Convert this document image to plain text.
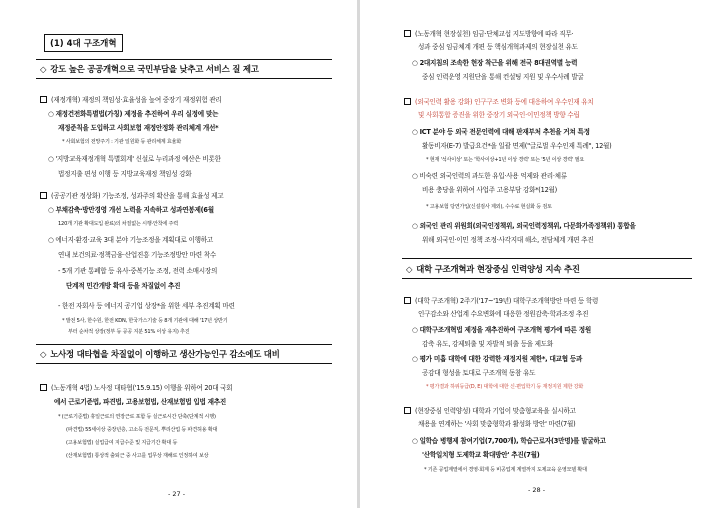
(1) 4대 구조개혁
◇ 강도 높은 공공개혁으로 국민부담을 낮추고 서비스 질 제고
(재정개혁) 재정의 책임성·효율성을 높여 중장기 재정위험 관리
○ 재정건전화특별법(가칭) 제정을 추진하여 우리 실정에 맞는
재정준칙을 도입하고 사회보험 재정안정화 관리체계 개선*
* 사회보험의 전망주기 : 기관 일원화 등 관리체계 효율화
○ '지방교육재정개혁 특별회계' 신설로 누리과정 예산은 비롯한
법정지출 편성 이행 등 지방교육재정 책임성 강화
(공공기관 정상화) 기능조정, 성과주의 확산을 통해 효율성 제고
○ 부채감축·방만경영 개선 노력을 지속하고 성과연봉제(6월
120개 기관 확대도입 완료)의 차질없는 시행·안착에 주력
○ 에너지·환경·교육 3대 분야 기능조정을 계획대로 이행하고
연내 보건의료·정책금융·산업진흥 기능조정방안 마련 착수
- 5개 기관 통폐합 등 유사·중복기능 조정, 전력 소매시장의
단계적 민간개방 확대 등을 차질없이 추진
- 한전 자회사 등 에너지 공기업 상장*을 위한 세부 추진계획 마련
* 발전 5사, 한수원, 한전 KDN, 한국가스기술 등 8개 기관에 대해 '17년 상반기
부터 순차적 상장(정부 등 공공 지분 51% 이상 유지) 추진
◇ 노사정 대타협을 차질없이 이행하고 생산가능인구 감소에도 대비
(노동개혁 4법) 노사정 대타협('15.9.15) 이행을 위하여 20대 국회
에서 근로기준법, 파견법, 고용보험법, 산재보험법 입법 재추진
* (근로기준법) 휴일근로의 연장근로 포함 등 실근로시간 단축(단계적 시행)
(파견법) 55세이상 중장년층, 고소득 전문직, 뿌리산업 등 파견허용 확대
(고용보험법) 실업급여 지급수준 및 지급기간 확대 등
(산재보험법) 통상적 출퇴근 중 사고를 업무상 재해로 인정하여 보상
- 27 -
(노동개혁 현장실천) 임금·단체교섭 지도방향에 따라 직무·
성과 중심 임금체계 개편 등 핵심개혁과제의 현장실천 유도
○ 2대지침의 조속한 현장 착근을 위해 전국 8대권역별 능력
중심 인력운영 지원단을 통해 컨설팅 지원 및 우수사례 발굴
(외국인력 활용 강화) 인구구조 변화 등에 대응하여 우수인재 유치
및 사회통합 증진을 위한 중장기 외국인·이민정책 방향 수립
○ ICT 분야 등 외국 전문인력에 대해 판재부처 추천을 거쳐 특정
활동비자(E-7) 발급요건*을 일괄 면제("글로벌 우수인재 특례", 12월)
* 현재 '석사이상' 또는 '학사이상+1년 이상 경력' 또는 '5년 이상 경력' 필요
○ 비숙련 외국인력의 과도한 유입·사용 억제와 관리·체류
비용 충당을 위하여 사업주 고용부담 강화*(12월)
* 고용보험 당연가입(신설검사 제외), 수수료 현실화 등 검토
○ 외국인 관리 위원회(외국인정책위, 외국인력정책위, 다문화가족정책위) 통합을
위해 외국인·이민 정책 조정·사각지대 해소, 전담체계 개편 추진
◇ 대학 구조개혁과 현장중심 인력양성 지속 추진
(대학 구조개혁) 2주기('17~'19년) 대학구조개혁방안 마련 등 학령
인구감소와 산업계 수요변화에 대응한 정원감축·학과조정 추진
○ 대학구조개혁법 제정을 재추진하여 구조개혁 평가에 따른 정원
감축 유도, 강제퇴출 및 자발적 퇴출 등을 제도화
○ 평가 미흡 대학에 대한 강력한 재정지원 제한*, 대교협 등과
공감대 형성을 토대로 구조개혁 동참 유도
* 평가결과 하위등급(D, E) 대학에 대한 신·편입학기 등 재정지원 제한 강화
(현장중심 인력양성) 대학과 기업이 맞춤형교육을 실시하고
채용을 연계하는 '사회 맞춤형학과 활성화 방안' 마련(7월)
○ 일학습 병행제 참여기업(7,700개), 학습근로자(3만명)를 발굴하고
'산학일치형 도제학교 확대방안' 추진(7월)
* 기존 공업계열에서 경영·회계 등 비공업계 계열까지 도제교육 운영모델 확대
- 28 -
